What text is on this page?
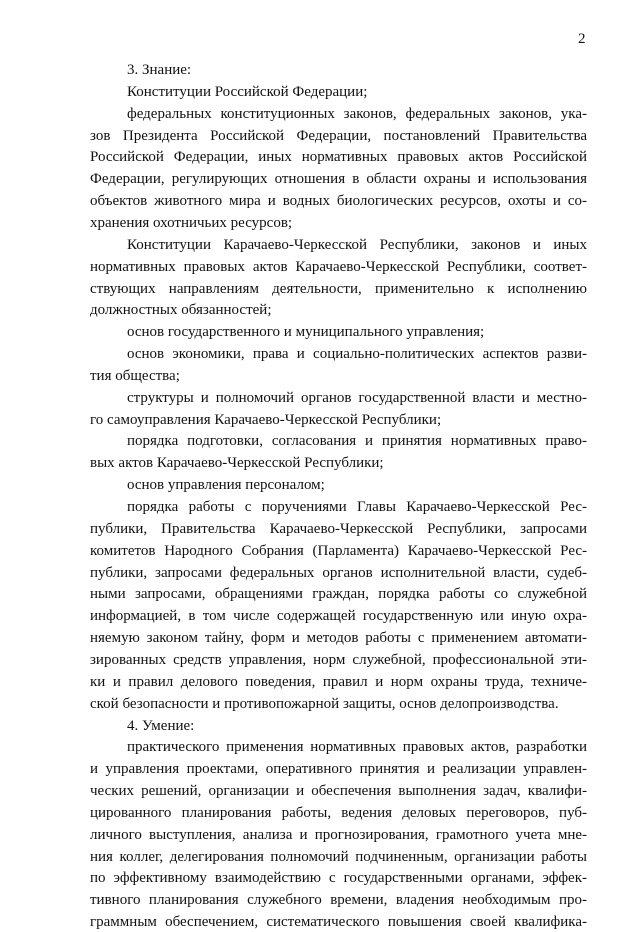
2
3. Знание:
Конституции Российской Федерации;
федеральных конституционных законов, федеральных законов, ука-
зов Президента Российской Федерации, постановлений Правительства
Российской Федерации, иных нормативных правовых актов Российской
Федерации, регулирующих отношения в области охраны и использования
объектов животного мира и водных биологических ресурсов, охоты и со-
хранения охотничьих ресурсов;
Конституции Карачаево-Черкесской Республики, законов и иных
нормативных правовых актов Карачаево-Черкесской Республики, соответ-
ствующих направлениям деятельности, применительно к исполнению
должностных обязанностей;
основ государственного и муниципального управления;
основ экономики, права и социально-политических аспектов разви-
тия общества;
структуры и полномочий органов государственной власти и местно-
го самоуправления Карачаево-Черкесской Республики;
порядка подготовки, согласования и принятия нормативных право-
вых актов Карачаево-Черкесской Республики;
основ управления персоналом;
порядка работы с поручениями Главы Карачаево-Черкесской Рес-
публики, Правительства Карачаево-Черкесской Республики, запросами
комитетов Народного Собрания (Парламента) Карачаево-Черкесской Рес-
публики, запросами федеральных органов исполнительной власти, судеб-
ными запросами, обращениями граждан, порядка работы со служебной
информацией, в том числе содержащей государственную или иную охра-
няемую законом тайну, форм и методов работы с применением автомати-
зированных средств управления, норм служебной, профессиональной эти-
ки и правил делового поведения, правил и норм охраны труда, техниче-
ской безопасности и противопожарной защиты, основ делопроизводства.
4. Умение:
практического применения нормативных правовых актов, разработки
и управления проектами, оперативного принятия и реализации управлен-
ческих решений, организации и обеспечения выполнения задач, квалифи-
цированного планирования работы, ведения деловых переговоров, пуб-
личного выступления, анализа и прогнозирования, грамотного учета мне-
ния коллег, делегирования полномочий подчиненным, организации работы
по эффективному взаимодействию с государственными органами, эффек-
тивного планирования служебного времени, владения необходимым про-
граммным обеспечением, систематического повышения своей квалифика-
